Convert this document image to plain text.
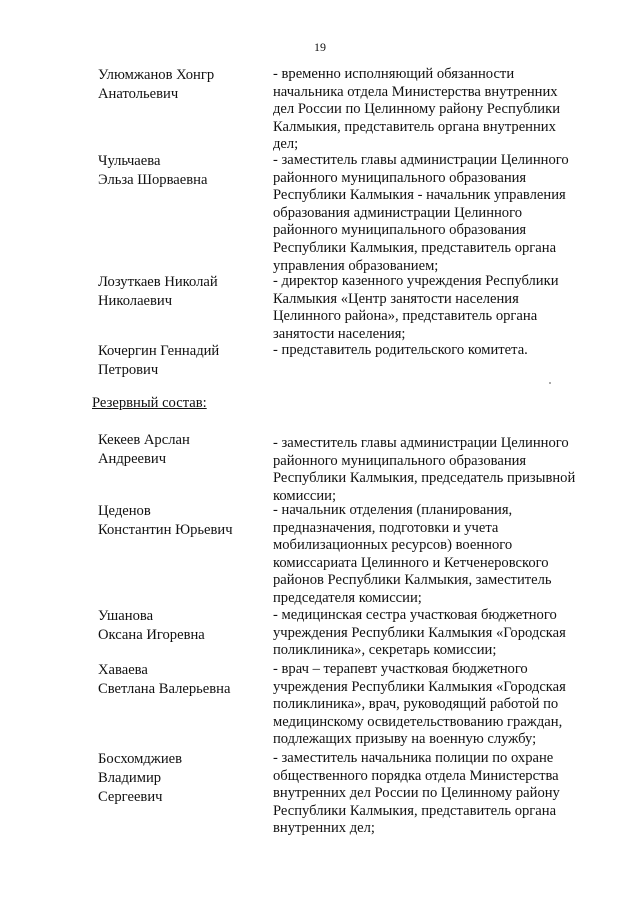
19
Улюмжанов Хонгр
Анатольевич
- временно исполняющий обязанности
начальника отдела Министерства внутренних
дел России по Целинному району Республики
Калмыкия, представитель органа внутренних
дел;
Чульчаева
Эльза Шорваевна
- заместитель главы администрации Целинного
районного муниципального образования
Республики Калмыкия - начальник управления
образования администрации Целинного
районного муниципального образования
Республики Калмыкия, представитель органа
управления образованием;
Лозуткаев Николай
Николаевич
- директор казенного учреждения Республики
Калмыкия «Центр занятости населения
Целинного района», представитель органа
занятости населения;
Кочергин Геннадий
Петрович
- представитель родительского комитета.
Резервный состав:
Кекеев Арслан
Андреевич
- заместитель главы администрации Целинного
районного муниципального образования
Республики Калмыкия, председатель призывной
комиссии;
Цеденов
Константин Юрьевич
- начальник отделения (планирования,
предназначения, подготовки и учета
мобилизационных ресурсов) военного
комиссариата Целинного и Кетченеровского
районов Республики Калмыкия, заместитель
председателя комиссии;
Ушанова
Оксана Игоревна
- медицинская сестра участковая бюджетного
учреждения Республики Калмыкия «Городская
поликлиника», секретарь комиссии;
Хаваева
Светлана Валерьевна
- врач – терапевт участковая бюджетного
учреждения Республики Калмыкия «Городская
поликлиника», врач, руководящий работой по
медицинскому освидетельствованию граждан,
подлежащих призыву на военную службу;
Босхомджиев
Владимир
Сергеевич
- заместитель начальника полиции по охране
общественного порядка отдела Министерства
внутренних дел России по Целинному району
Республики Калмыкия, представитель органа
внутренних дел;
